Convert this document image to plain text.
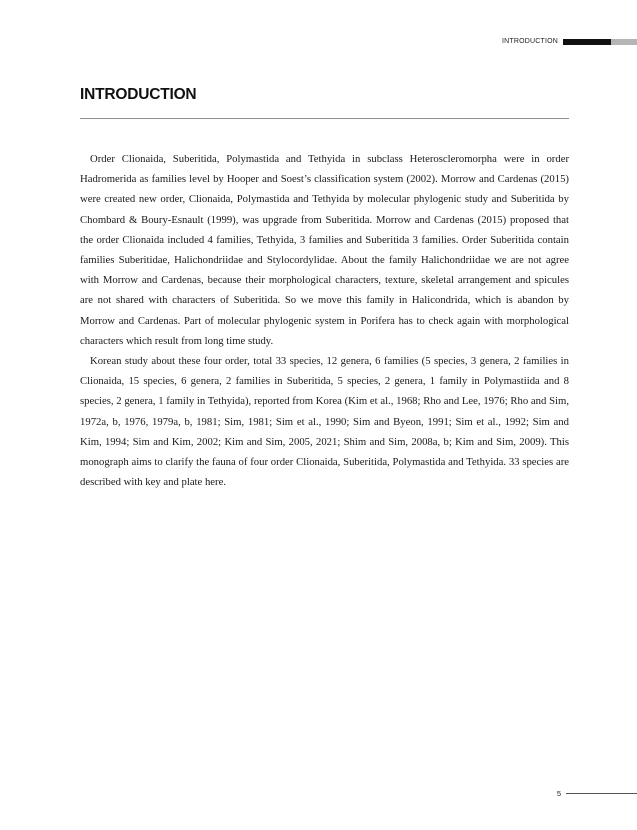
INTRODUCTION
INTRODUCTION

Order Clionaida, Suberitida, Polymastida and Tethyida in subclass Heteroscleromorpha were in order Hadromerida as families level by Hooper and Soest’s classification system (2002). Morrow and Cardenas (2015) were created new order, Clionaida, Polymastida and Tethyida by molecular phylogenic study and Suberitida by Chombard & Boury-Esnault (1999), was upgrade from Suberitida. Morrow and Cardenas (2015) proposed that the order Clionaida included 4 families, Tethyida, 3 families and Suberitida 3 families. Order Suberitida contain families Suberitidae, Halichondriidae and Stylocordylidae. About the family Halichondriidae we are not agree with Morrow and Cardenas, because their morphological characters, texture, skeletal arrangement and spicules are not shared with characters of Suberitida. So we move this family in Halicondrida, which is abandon by Morrow and Cardenas. Part of molecular phylogenic system in Porifera has to check again with morphological characters which result from long time study.

Korean study about these four order, total 33 species, 12 genera, 6 families (5 species, 3 genera, 2 families in Clionaida, 15 species, 6 genera, 2 families in Suberitida, 5 species, 2 genera, 1 family in Polymastiida and 8 species, 2 genera, 1 family in Tethyida), reported from Korea (Kim et al., 1968; Rho and Lee, 1976; Rho and Sim, 1972a, b, 1976, 1979a, b, 1981; Sim, 1981; Sim et al., 1990; Sim and Byeon, 1991; Sim et al., 1992; Sim and Kim, 1994; Sim and Kim, 2002; Kim and Sim, 2005, 2021; Shim and Sim, 2008a, b; Kim and Sim, 2009). This monograph aims to clarify the fauna of four order Clionaida, Suberitida, Polymastida and Tethyida. 33 species are described with key and plate here.

5
